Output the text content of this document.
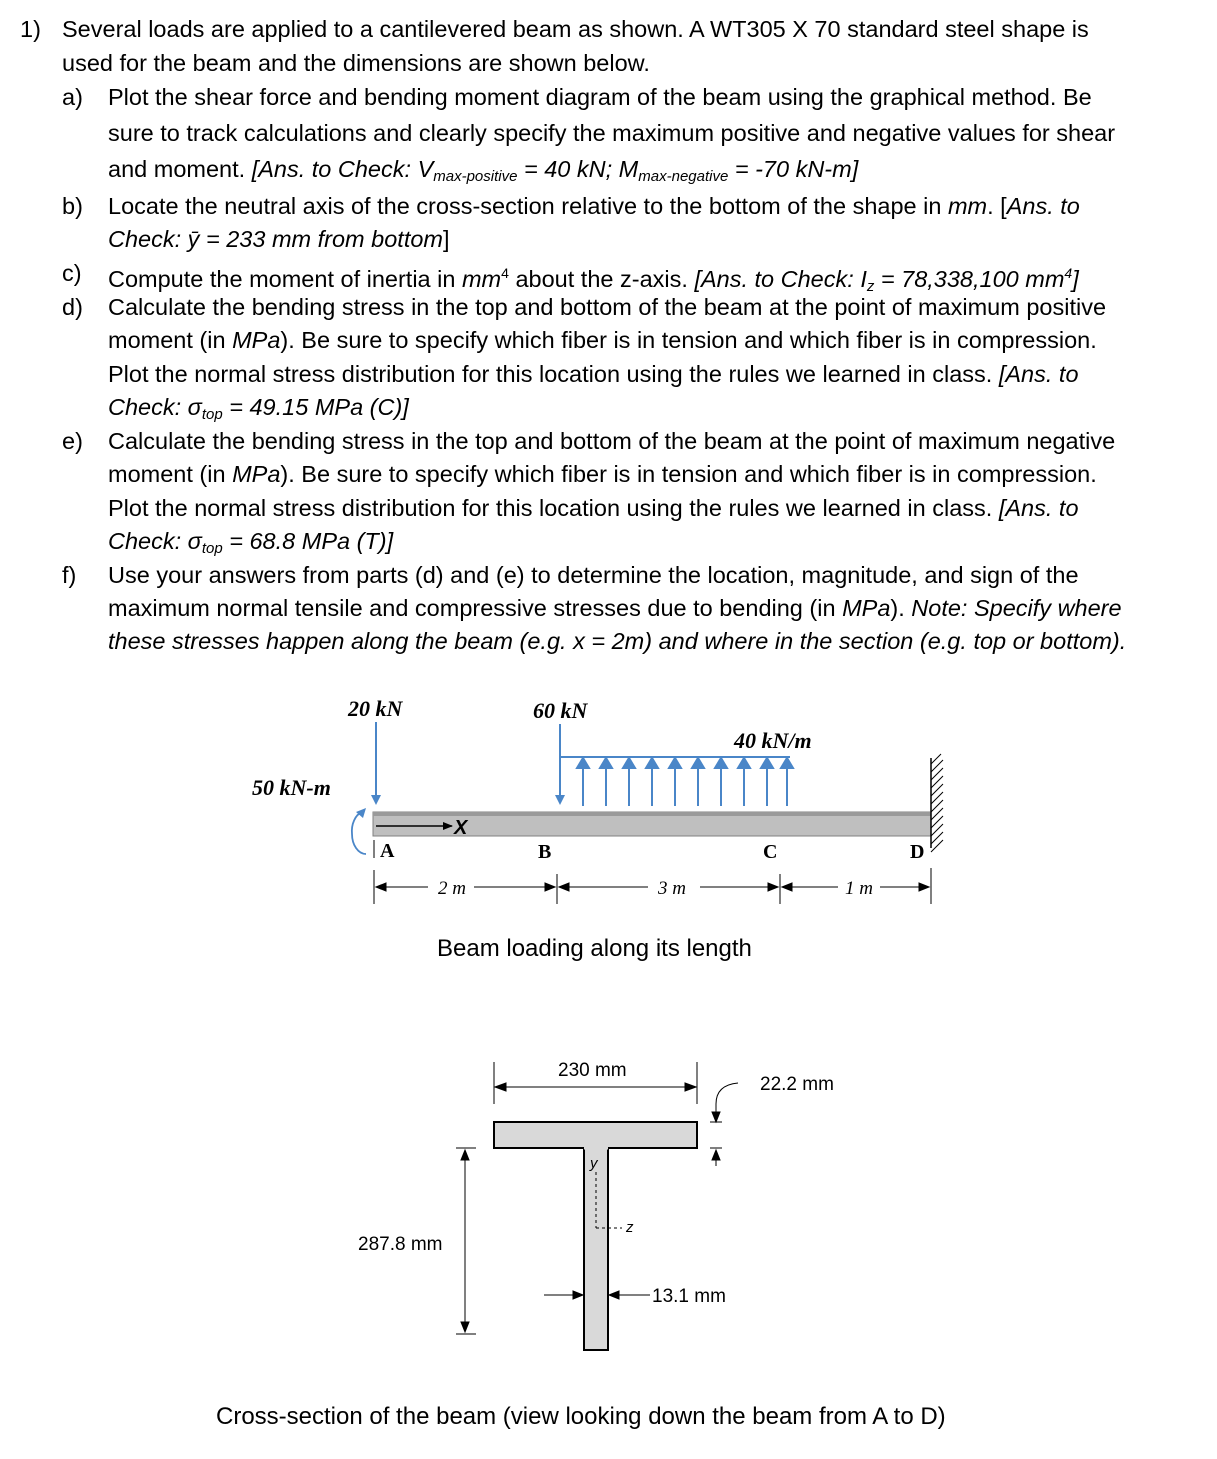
1) Several loads are applied to a cantilevered beam as shown. A WT305 X 70 standard steel shape is
used for the beam and the dimensions are shown below.
a) Plot the shear force and bending moment diagram of the beam using the graphical method. Be
sure to track calculations and clearly specify the maximum positive and negative values for shear
and moment. [Ans. to Check: $V_{max-positive} = 40$ kN; $M_{max-negative} = -70$ kN-m]
b) Locate the neutral axis of the cross-section relative to the bottom of the shape in mm. [Ans. to
Check: ȳ = 233 mm from bottom]
c) Compute the moment of inertia in $mm^4$ about the z-axis. [Ans. to Check: $I_z = 78,338,100$ $mm^4$]
d) Calculate the bending stress in the top and bottom of the beam at the point of maximum positive
moment (in MPa). Be sure to specify which fiber is in tension and which fiber is in compression.
Plot the normal stress distribution for this location using the rules we learned in class. [Ans. to
Check: $\sigma_{top} = 49.15$ MPa (C)]
e) Calculate the bending stress in the top and bottom of the beam at the point of maximum negative
moment (in MPa). Be sure to specify which fiber is in tension and which fiber is in compression.
Plot the normal stress distribution for this location using the rules we learned in class. [Ans. to
Check: $\sigma_{top} = 68.8$ MPa (T)]
f) Use your answers from parts (d) and (e) to determine the location, magnitude, and sign of the
maximum normal tensile and compressive stresses due to bending (in MPa). Note: Specify where
these stresses happen along the beam (e.g. x = 2m) and where in the section (e.g. top or bottom).
20 kN	60 kN
40 kN/m
50 kN-m
X
A	B	C	D
2 m	3 m	1 m
Beam loading along its length
230 mm
y
z
22.2 mm
287.8 mm
13.1 mm
Cross-section of the beam (view looking down the beam from A to D)
